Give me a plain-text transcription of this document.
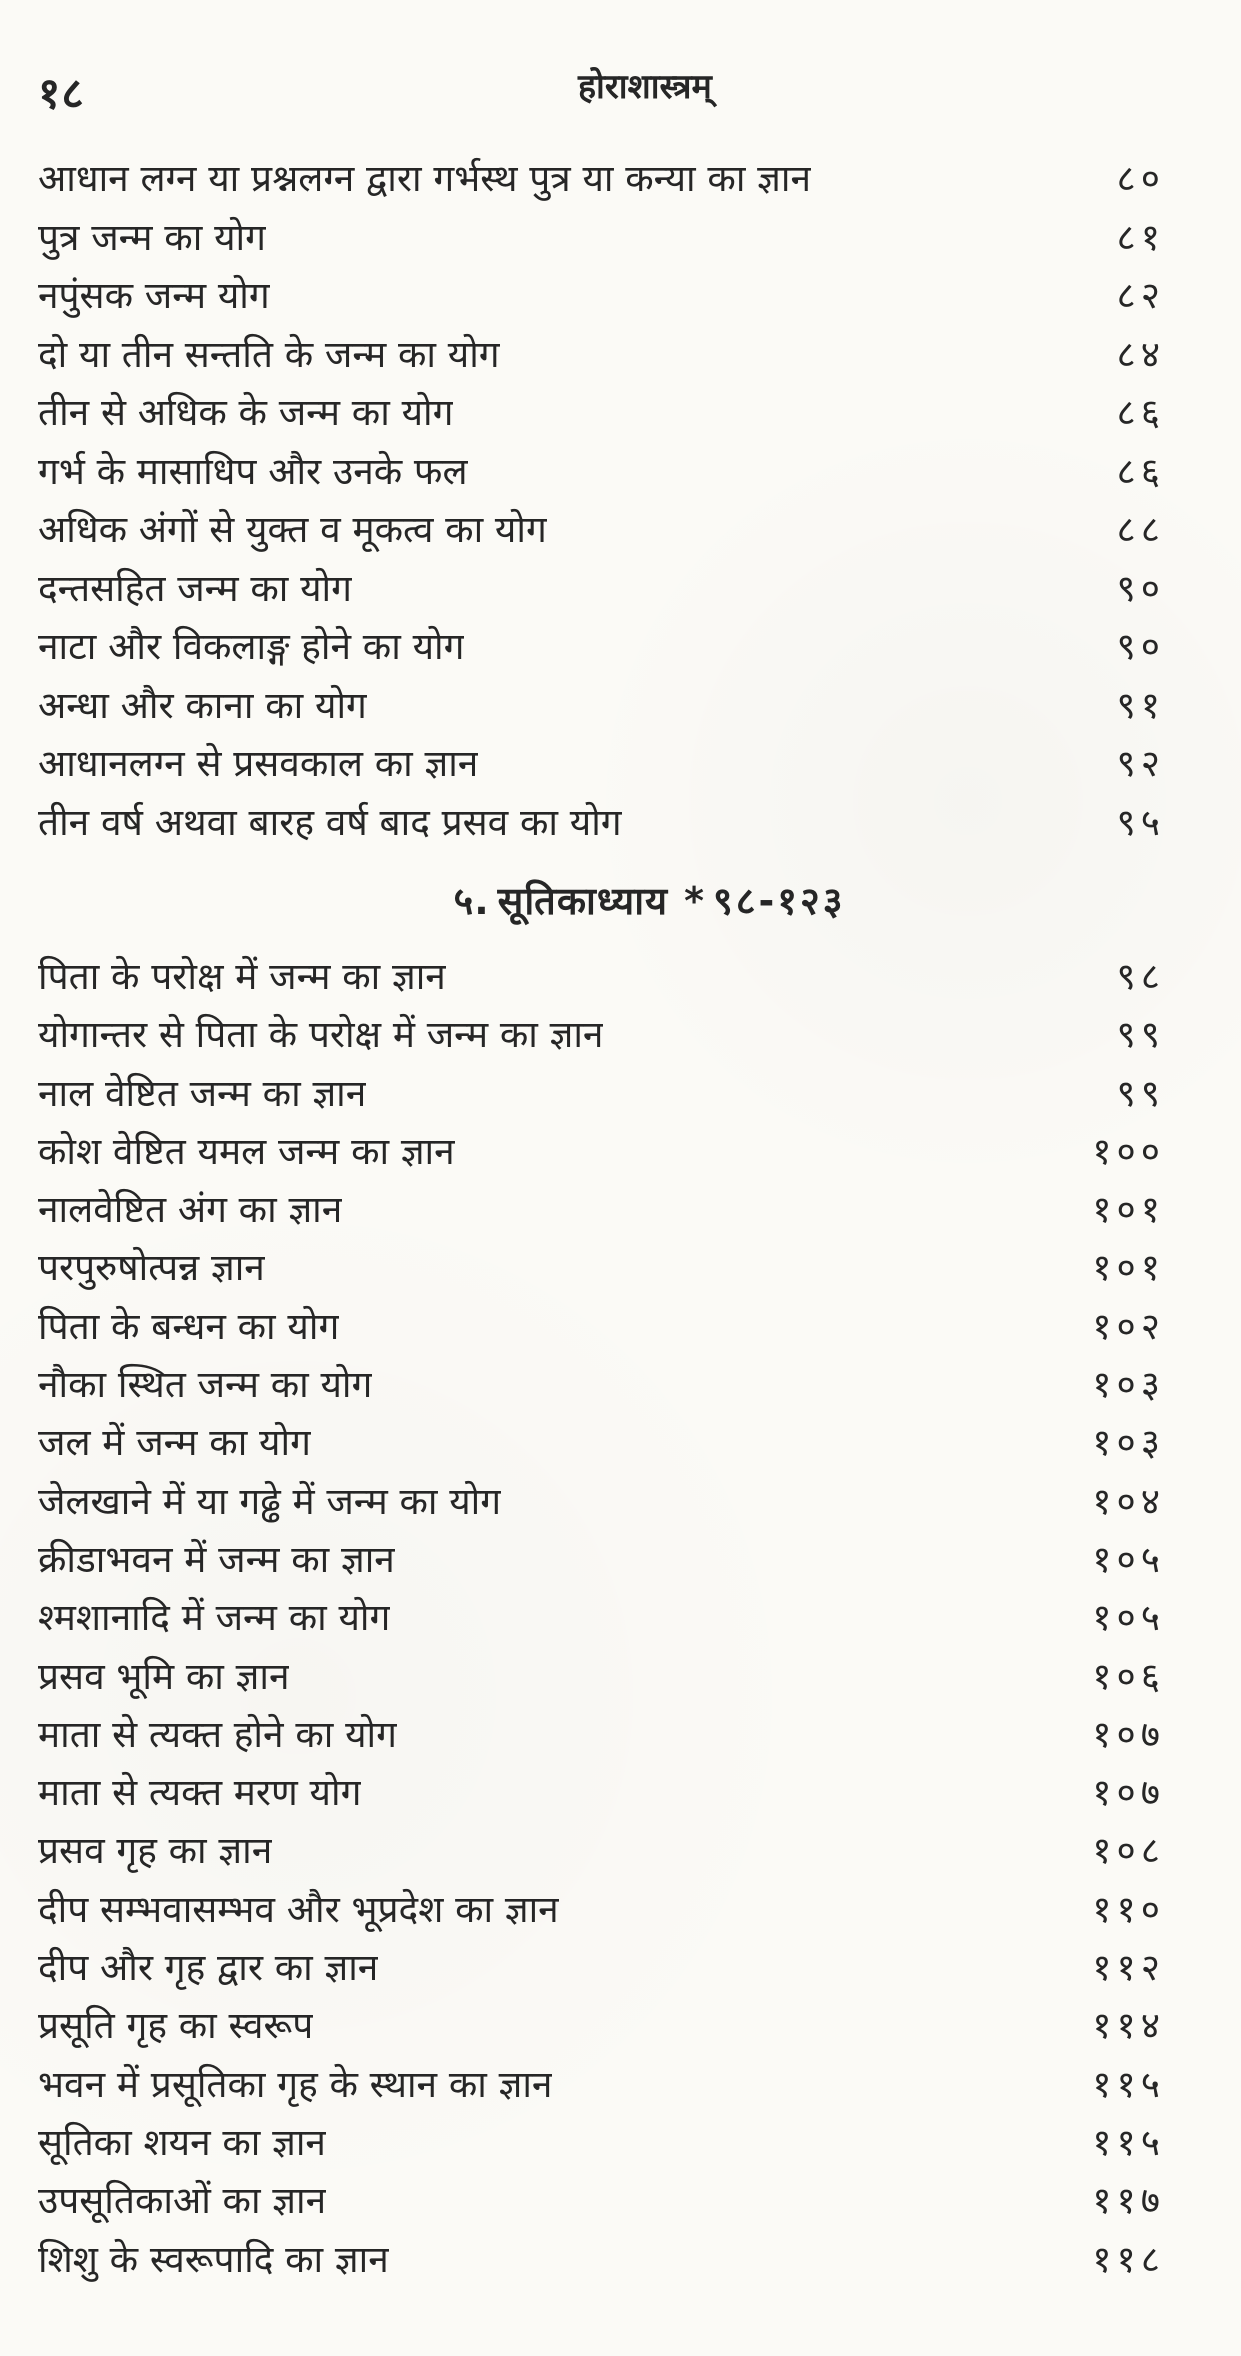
१८	होराशास्त्रम्
आधान लग्न या प्रश्नलग्न द्वारा गर्भस्थ पुत्र या कन्या का ज्ञान	८०
पुत्र जन्म का योग	८१
नपुंसक जन्म योग	८२
दो या तीन सन्तति के जन्म का योग	८४
तीन से अधिक के जन्म का योग	८६
गर्भ के मासाधिप और उनके फल	८६
अधिक अंगों से युक्त व मूकत्व का योग	८८
दन्तसहित जन्म का योग	९०
नाटा और विकलाङ्ग होने का योग	९०
अन्धा और काना का योग	९१
आधानलग्न से प्रसवकाल का ज्ञान	९२
तीन वर्ष अथवा बारह वर्ष बाद प्रसव का योग	९५
५. सूतिकाध्याय * ९८-१२३
पिता के परोक्ष में जन्म का ज्ञान	९८
योगान्तर से पिता के परोक्ष में जन्म का ज्ञान	९९
नाल वेष्टित जन्म का ज्ञान	९९
कोश वेष्टित यमल जन्म का ज्ञान	१००
नालवेष्टित अंग का ज्ञान	१०१
परपुरुषोत्पन्न ज्ञान	१०१
पिता के बन्धन का योग	१०२
नौका स्थित जन्म का योग	१०३
जल में जन्म का योग	१०३
जेलखाने में या गढ्ढे में जन्म का योग	१०४
क्रीडाभवन में जन्म का ज्ञान	१०५
श्मशानादि में जन्म का योग	१०५
प्रसव भूमि का ज्ञान	१०६
माता से त्यक्त होने का योग	१०७
माता से त्यक्त मरण योग	१०७
प्रसव गृह का ज्ञान	१०८
दीप सम्भवासम्भव और भूप्रदेश का ज्ञान	११०
दीप और गृह द्वार का ज्ञान	११२
प्रसूति गृह का स्वरूप	११४
भवन में प्रसूतिका गृह के स्थान का ज्ञान	११५
सूतिका शयन का ज्ञान	११५
उपसूतिकाओं का ज्ञान	११७
शिशु के स्वरूपादि का ज्ञान	११८
